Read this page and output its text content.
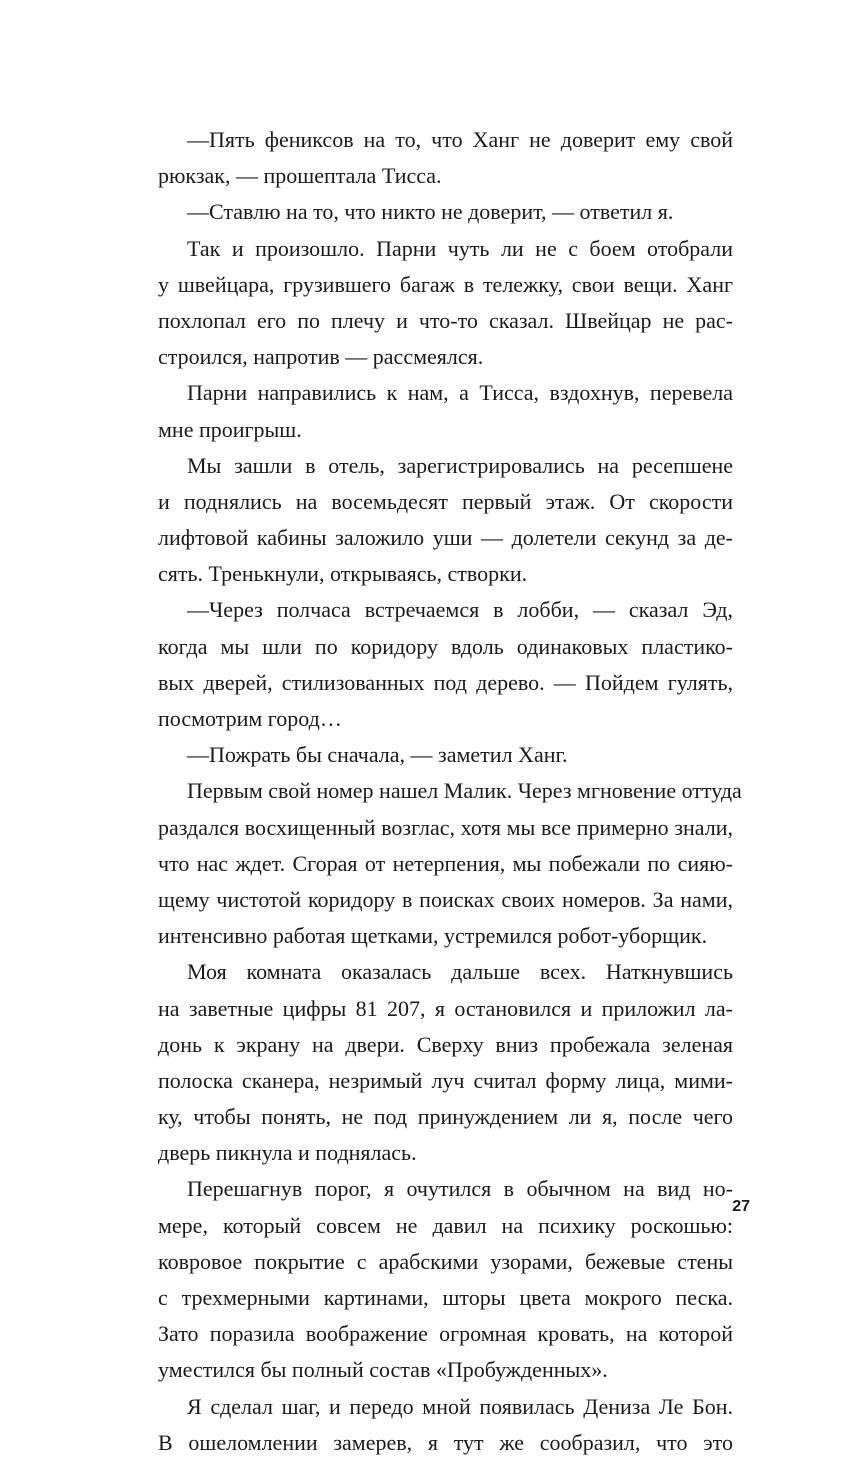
—Пять фениксов на то, что Ханг не доверит ему свой
рюкзак, — прошептала Тисса.
—Ставлю на то, что никто не доверит, — ответил я.
Так и произошло. Парни чуть ли не с боем отобрали
у швейцара, грузившего багаж в тележку, свои вещи. Ханг
похлопал его по плечу и что-то сказал. Швейцар не рас-
строился, напротив — рассмеялся.
Парни направились к нам, а Тисса, вздохнув, перевела
мне проигрыш.
Мы зашли в отель, зарегистрировались на ресепшене
и поднялись на восемьдесят первый этаж. От скорости
лифтовой кабины заложило уши — долетели секунд за де-
сять. Тренькнули, открываясь, створки.
—Через полчаса встречаемся в лобби, — сказал Эд,
когда мы шли по коридору вдоль одинаковых пластико-
вых дверей, стилизованных под дерево. — Пойдем гулять,
посмотрим город…
—Пожрать бы сначала, — заметил Ханг.
Первым свой номер нашел Малик. Через мгновение оттуда
раздался восхищенный возглас, хотя мы все примерно знали,
что нас ждет. Сгорая от нетерпения, мы побежали по сияю-
щему чистотой коридору в поисках своих номеров. За нами,
интенсивно работая щетками, устремился робот-уборщик.
Моя комната оказалась дальше всех. Наткнувшись
на заветные цифры 81 207, я остановился и приложил ла-
донь к экрану на двери. Сверху вниз пробежала зеленая
полоска сканера, незримый луч считал форму лица, мими-
ку, чтобы понять, не под принуждением ли я, после чего
дверь пикнула и поднялась.
Перешагнув порог, я очутился в обычном на вид но-
мере, который совсем не давил на психику роскошью:
ковровое покрытие с арабскими узорами, бежевые стены
с трехмерными картинами, шторы цвета мокрого песка.
Зато поразила воображение огромная кровать, на которой
уместился бы полный состав «Пробужденных».
Я сделал шаг, и передо мной появилась Дениза Ле Бон.
В ошеломлении замерев, я тут же сообразил, что это
27
